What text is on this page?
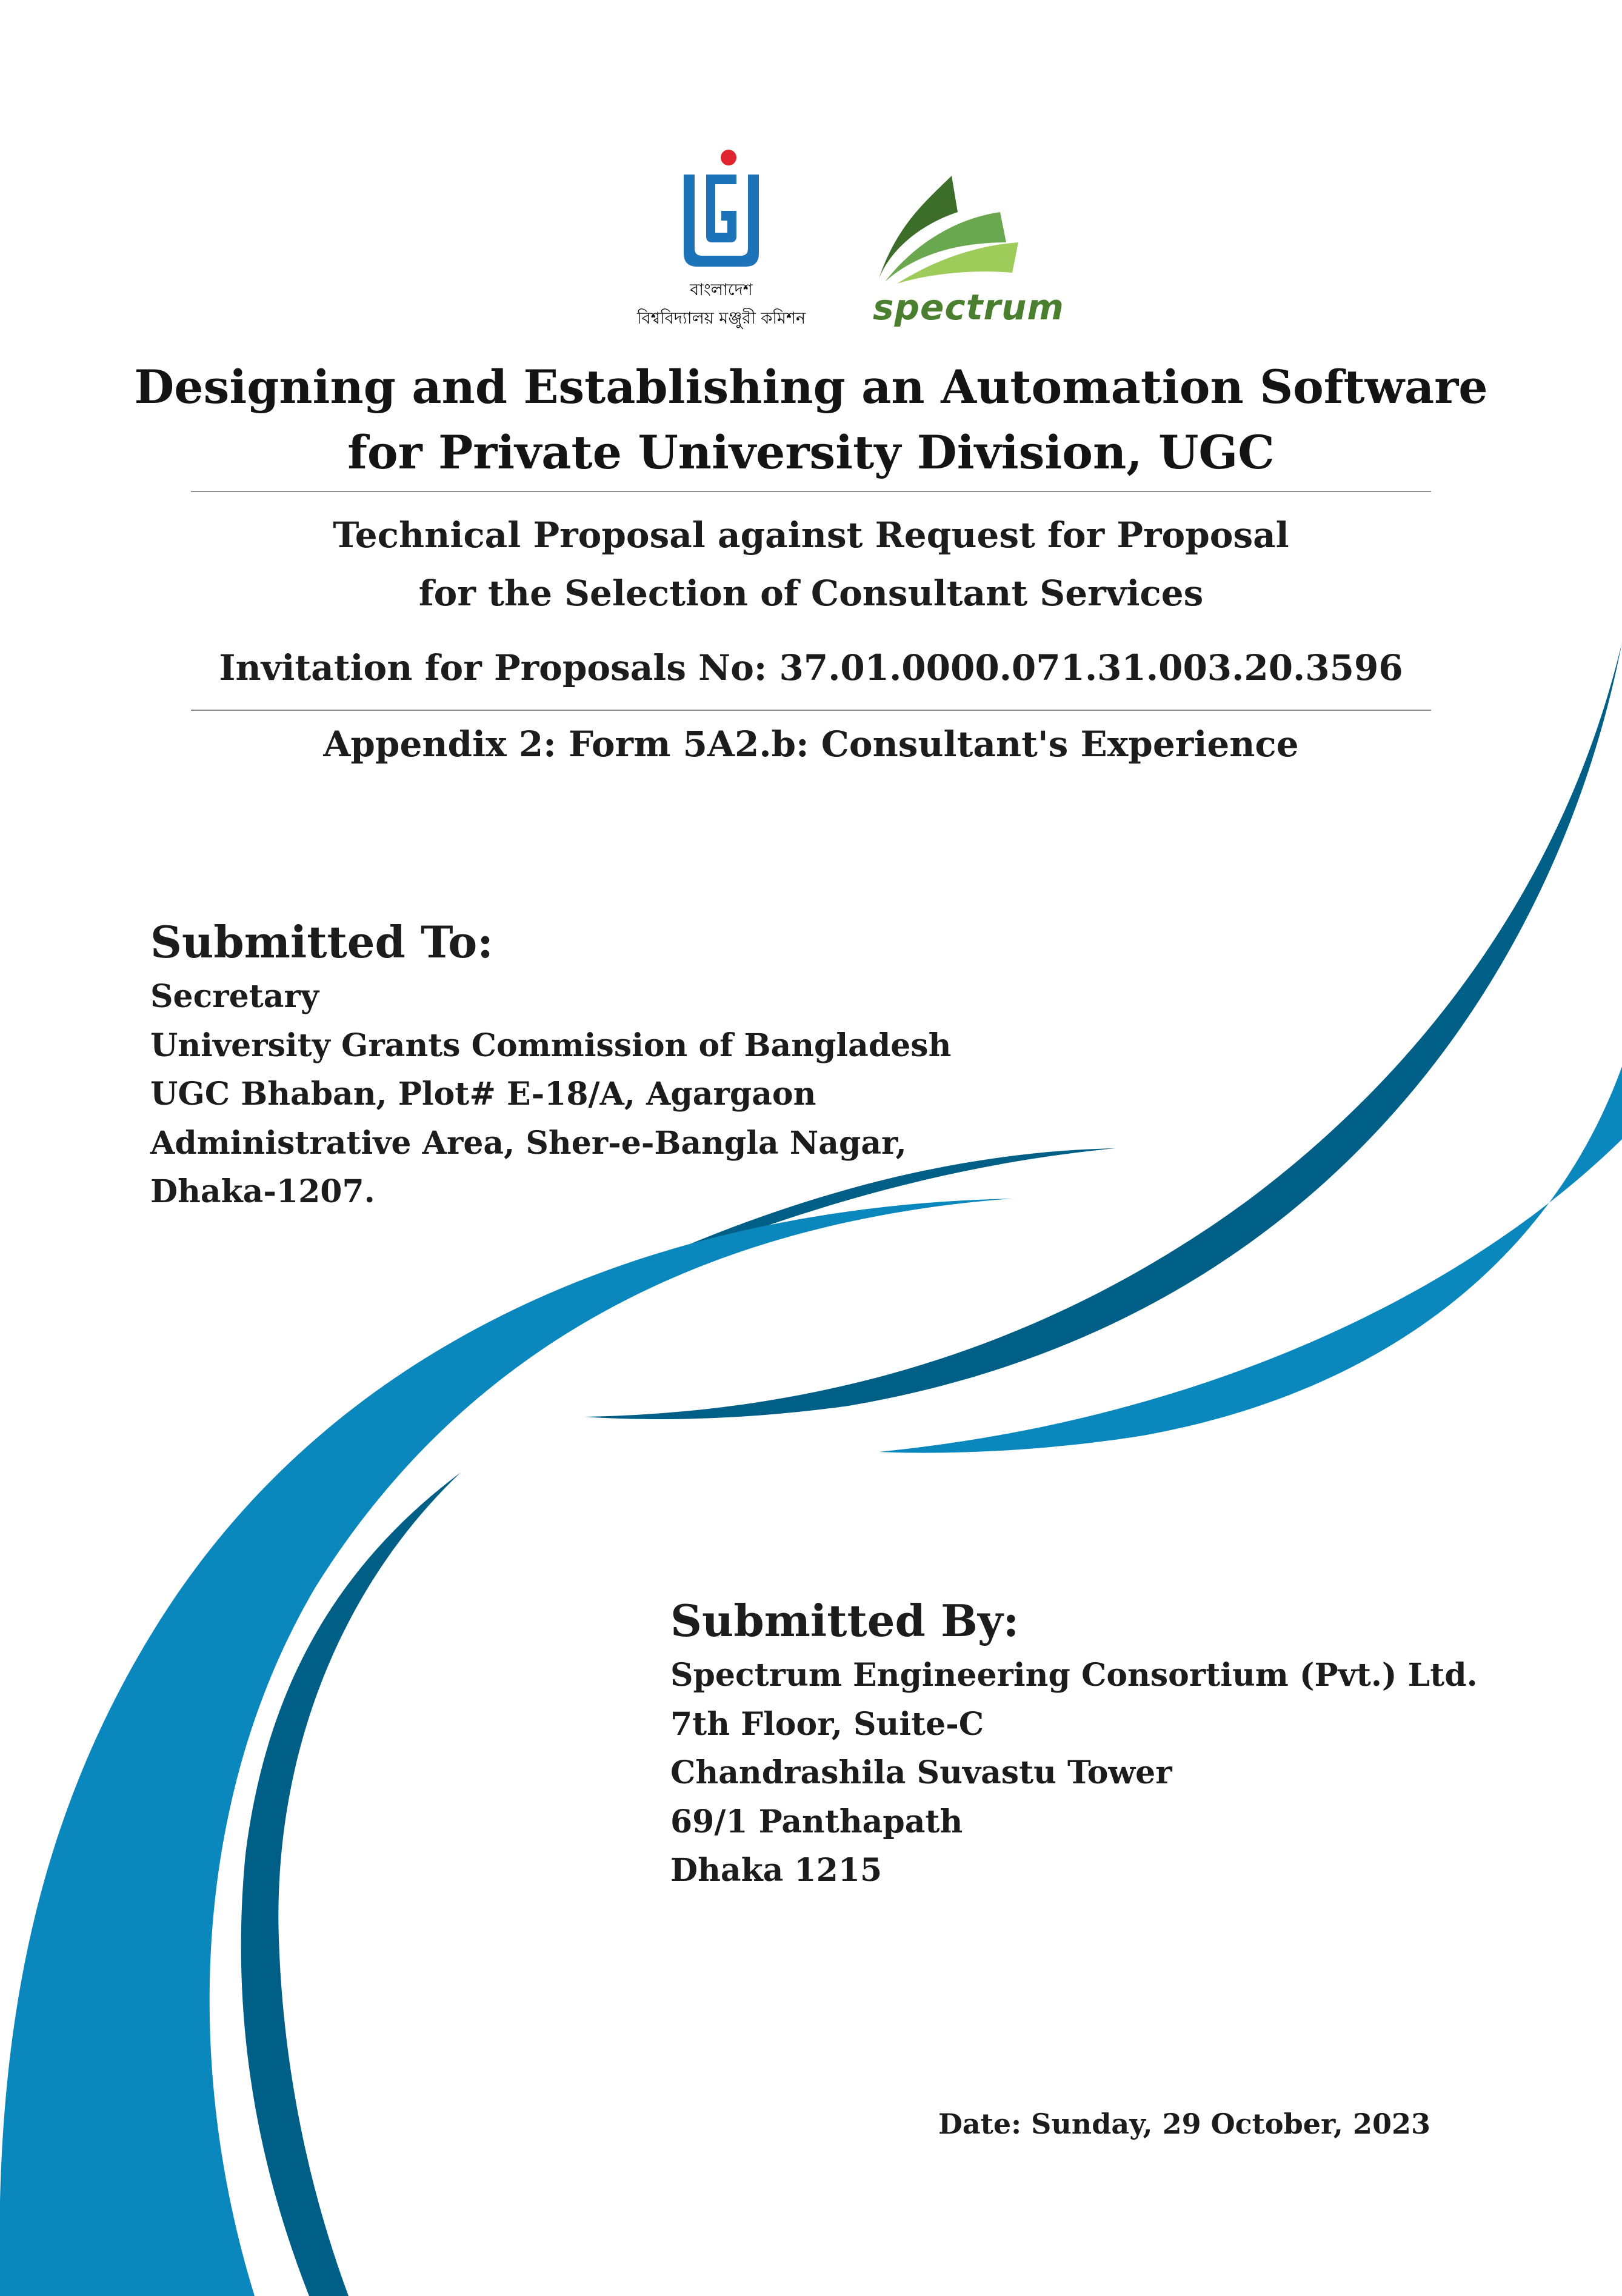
বাংলাদেশ
বিশ্ববিদ্যালয় মঞ্জুরী কমিশন	spectrum
Designing and Establishing an Automation Software
for Private University Division, UGC
Technical Proposal against Request for Proposal
for the Selection of Consultant Services
Invitation for Proposals No: 37.01.0000.071.31.003.20.3596
Appendix 2: Form 5A2.b: Consultant's Experience
Submitted To:
Secretary
University Grants Commission of Bangladesh
UGC Bhaban, Plot# E-18/A, Agargaon
Administrative Area, Sher-e-Bangla Nagar,
Dhaka-1207.
Submitted By:
Spectrum Engineering Consortium (Pvt.) Ltd.
7th Floor, Suite-C
Chandrashila Suvastu Tower
69/1 Panthapath
Dhaka 1215
Date: Sunday, 29 October, 2023
